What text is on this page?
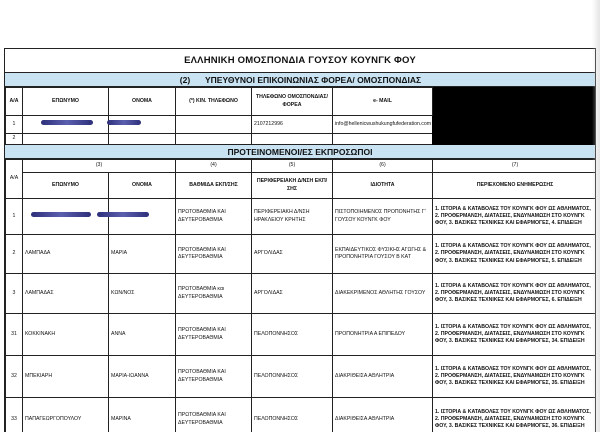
ΕΛΛΗΝΙΚΗ ΟΜΟΣΠΟΝΔΙΑ ΓΟΥΣΟΥ ΚΟΥΝΓΚ ΦΟΥ
(2)	ΥΠΕΥΘΥΝΟΙ ΕΠΙΚΟΙΝΩΝΙΑΣ ΦΟΡΕΑ/ ΟΜΟΣΠΟΝΔΙΑΣ
Α/Α	ΕΠΩΝΥΜΟ	ΟΝΟΜΑ	(*) ΚΙΝ. ΤΗΛΕΦΩΝΟ	ΤΗΛΕΦΩΝΟ ΟΜΟΣΠΟΝΔΙΑΣ/ΦΟΡΕΑ	e- MAIL	
1				2107212996	info@hellenicwushukungfufederation.com	
2						
ΠΡΟΤΕΙΝΟΜΕΝΟΙ/ΕΣ ΕΚΠΡΟΣΩΠΟΙ
Α/Α	(3)		(4)	(5)	(6)	(7)
	ΕΠΩΝΥΜΟ	ΟΝΟΜΑ	ΒΑΘΜΙΔΑ ΕΚΠ/ΣΗΣ	ΠΕΡΙΦΕΡΕΙΑΚΗ Δ/ΝΣΗ ΕΚΠ/ΣΗΣ	ΙΔΙΟΤΗΤΑ	ΠΕΡΙΕΧΟΜΕΝΟ ΕΝΗΜΕΡΩΣΗΣ
1			ΠΡΩΤΟΒΑΘΜΙΑ ΚΑΙ ΔΕΥΤΕΡΟΒΑΘΜΙΑ	ΠΕΡΙΦΕΡΕΙΑΚΗ Δ/ΝΣΗ ΗΡΑΚΛΕΙΟΥ ΚΡΗΤΗΣ	ΠΙΣΤΟΠΟΙΗΜΕΝΟΣ ΠΡΟΠΟΝΗΤΗΣ Γ' ΓΟΥΣΟΥ ΚΟΥΝΓΚ ΦΟΥ	1. ΙΣΤΟΡΙΑ & ΚΑΤΑΒΟΛΕΣ ΤΟΥ ΚΟΥΝΓΚ ΦΟΥ ΩΣ ΑΘΛΗΜΑΤΟΣ, 2. ΠΡΟΘΕΡΜΑΝΣΗ, ΔΙΑΤΑΣΕΙΣ, ΕΝΔΥΝΑΜΩΣΗ ΣΤΟ ΚΟΥΝΓΚ ΦΟΥ, 3. ΒΑΣΙΚΕΣ ΤΕΧΝΙΚΕΣ ΚΑΙ ΕΦΑΡΜΟΓΕΣ, 4. ΕΠΙΔΕΙΞΗ
2	ΛΑΜΠΑΔΑ	ΜΑΡΙΑ	ΠΡΩΤΟΒΑΘΜΙΑ ΚΑΙ ΔΕΥΤΕΡΟΒΑΘΜΙΑ	ΑΡΓΟΛΙΔΑΣ	ΕΚΠΑΙΔΕΥΤΙΚΟΣ ΦΥΣΙΚΗΣ ΑΓΩΓΗΣ & ΠΡΟΠΟΝΗΤΡΙΑ ΓΟΥΣΟΥ Β ΚΑΤ	1. ΙΣΤΟΡΙΑ & ΚΑΤΑΒΟΛΕΣ ΤΟΥ ΚΟΥΝΓΚ ΦΟΥ ΩΣ ΑΘΛΗΜΑΤΟΣ, 2. ΠΡΟΘΕΡΜΑΝΣΗ, ΔΙΑΤΑΣΕΙΣ, ΕΝΔΥΝΑΜΩΣΗ ΣΤΟ ΚΟΥΝΓΚ ΦΟΥ, 3. ΒΑΣΙΚΕΣ ΤΕΧΝΙΚΕΣ ΚΑΙ ΕΦΑΡΜΟΓΕΣ, 5. ΕΠΙΔΕΙΞΗ
3	ΛΑΜΠΑΔΑΣ	ΚΩΝ/ΝΟΣ	ΠΡΩΤΟΒΑΘΜΙΑ και ΔΕΥΤΕΡΟΒΑΘΜΙΑ	ΑΡΓΟΛΙΔΑΣ	ΔΙΑΚΕΚΡΙΜΕΝΟΣ ΑΘΛΗΤΗΣ ΓΟΥΣΟΥ	1. ΙΣΤΟΡΙΑ & ΚΑΤΑΒΟΛΕΣ ΤΟΥ ΚΟΥΝΓΚ ΦΟΥ ΩΣ ΑΘΛΗΜΑΤΟΣ, 2. ΠΡΟΘΕΡΜΑΝΣΗ, ΔΙΑΤΑΣΕΙΣ, ΕΝΔΥΝΑΜΩΣΗ ΣΤΟ ΚΟΥΝΓΚ ΦΟΥ, 3. ΒΑΣΙΚΕΣ ΤΕΧΝΙΚΕΣ ΚΑΙ ΕΦΑΡΜΟΓΕΣ, 6. ΕΠΙΔΕΙΞΗ
31	ΚΟΚΚΙΝΑΚΗ	ΑΝΝΑ	ΠΡΩΤΟΒΑΘΜΙΑ ΚΑΙ ΔΕΥΤΕΡΟΒΑΘΜΙΑ	ΠΕΛΟΠΟΝΝΗΣΟΣ	ΠΡΟΠΟΝΗΤΡΙΑ Α ΕΠΙΠΕΔΟΥ	1. ΙΣΤΟΡΙΑ & ΚΑΤΑΒΟΛΕΣ ΤΟΥ ΚΟΥΝΓΚ ΦΟΥ ΩΣ ΑΘΛΗΜΑΤΟΣ, 2. ΠΡΟΘΕΡΜΑΝΣΗ, ΔΙΑΤΑΣΕΙΣ, ΕΝΔΥΝΑΜΩΣΗ ΣΤΟ ΚΟΥΝΓΚ ΦΟΥ, 3. ΒΑΣΙΚΕΣ ΤΕΧΝΙΚΕΣ ΚΑΙ ΕΦΑΡΜΟΓΕΣ, 34. ΕΠΙΔΕΙΞΗ
32	ΜΠΕΚΙΑΡΗ	ΜΑΡΙΑ-ΙΩΑΝΝΑ	ΠΡΩΤΟΒΑΘΜΙΑ ΚΑΙ ΔΕΥΤΕΡΟΒΑΘΜΙΑ	ΠΕΛΟΠΟΝΝΗΣΟΣ	ΔΙΑΚΡΙΘΕΙΣΑ ΑΘΛΗΤΡΙΑ	1. ΙΣΤΟΡΙΑ & ΚΑΤΑΒΟΛΕΣ ΤΟΥ ΚΟΥΝΓΚ ΦΟΥ ΩΣ ΑΘΛΗΜΑΤΟΣ, 2. ΠΡΟΘΕΡΜΑΝΣΗ, ΔΙΑΤΑΣΕΙΣ, ΕΝΔΥΝΑΜΩΣΗ ΣΤΟ ΚΟΥΝΓΚ ΦΟΥ, 3. ΒΑΣΙΚΕΣ ΤΕΧΝΙΚΕΣ ΚΑΙ ΕΦΑΡΜΟΓΕΣ, 35. ΕΠΙΔΕΙΞΗ
33	ΠΑΠΑΓΕΩΡΓΟΠΟΥΛΟΥ	ΜΑΡΙΝΑ	ΠΡΩΤΟΒΑΘΜΙΑ ΚΑΙ ΔΕΥΤΕΡΟΒΑΘΜΙΑ	ΠΕΛΟΠΟΝΝΗΣΟΣ	ΔΙΑΚΡΙΘΕΙΣΑ ΑΘΛΗΤΡΙΑ	1. ΙΣΤΟΡΙΑ & ΚΑΤΑΒΟΛΕΣ ΤΟΥ ΚΟΥΝΓΚ ΦΟΥ ΩΣ ΑΘΛΗΜΑΤΟΣ, 2. ΠΡΟΘΕΡΜΑΝΣΗ, ΔΙΑΤΑΣΕΙΣ, ΕΝΔΥΝΑΜΩΣΗ ΣΤΟ ΚΟΥΝΓΚ ΦΟΥ, 3. ΒΑΣΙΚΕΣ ΤΕΧΝΙΚΕΣ ΚΑΙ ΕΦΑΡΜΟΓΕΣ, 36. ΕΠΙΔΕΙΞΗ
